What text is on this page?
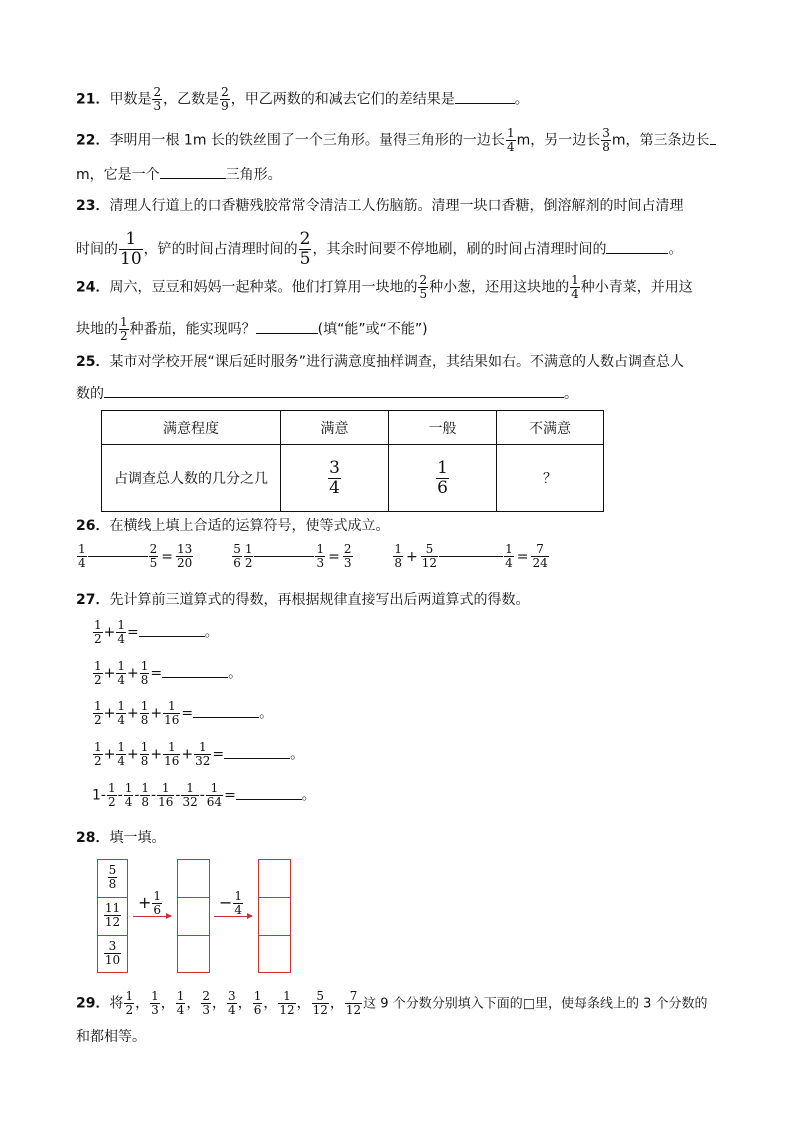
21．甲数是 $\frac{2}{3}$ ，乙数是 $\frac{2}{9}$ ，甲乙两数的和减去它们的差结果是	。
22．李明用一根 1m 长的铁丝围了一个三角形。量得三角形的一边长 $\frac{1}{4}$ m，另一边长 $\frac{3}{8}$ m，第三条边长
m，它是一个	三角形。
23．清理人行道上的口香糖残胶常常令清洁工人伤脑筋。清理一块口香糖，倒溶解剂的时间占清理
时间的 $\frac{1}{10}$ ，铲的时间占清理时间的 $\frac{2}{5}$ ，其余时间要不停地刷，刷的时间占清理时间的	。
24．周六，豆豆和妈妈一起种菜。他们打算用一块地的 $\frac{2}{5}$ 种小葱，还用这块地的 $\frac{1}{4}$ 种小青菜，并用这
块地的 $\frac{1}{2}$ 种番茄，能实现吗？	(填“能”或“不能”)
25．某市对学校开展“课后延时服务”进行满意度抽样调查，其结果如右。不满意的人数占调查总人
数的	。
满意程度	满意	一般	不满意
占调查总人数的几分之几	$\frac{3}{4}$	$\frac{1}{6}$	？
26．在横线上填上合适的运算符号，使等式成立。
$\frac{1}{4}$	$\frac{2}{5} = \frac{13}{20}$
	$\frac{5}{6} \frac{1}{2}$	$\frac{1}{3} = \frac{2}{3}$
	$\frac{1}{8} + \frac{5}{12}$	$\frac{1}{4} = \frac{7}{24}$
27．先计算前三道算式的得数，再根据规律直接写出后两道算式的得数。
$\frac{1}{2} + \frac{1}{4}$ =	。
$\frac{1}{2} + \frac{1}{4} + \frac{1}{8}$ =	。
$\frac{1}{2} + \frac{1}{4} + \frac{1}{8} + \frac{1}{16}$ =	。
$\frac{1}{2} + \frac{1}{4} + \frac{1}{8} + \frac{1}{16} + \frac{1}{32}$ =	。
$1- \frac{1}{2} - \frac{1}{4} - \frac{1}{8} - \frac{1}{16} - \frac{1}{32} - \frac{1}{64}$ =	。
28．填一填。
$\frac{5}{8}$
$\frac{11}{12}$
$\frac{3}{10}$
+ $\frac{1}{6}$	− $\frac{1}{4}$
29．将 $\frac{1}{2}$ ， $\frac{1}{3}$ ， $\frac{1}{4}$ ， $\frac{2}{3}$ ， $\frac{3}{4}$ ， $\frac{1}{6}$ ， $\frac{1}{12}$ ， $\frac{5}{12}$ ， $\frac{7}{12}$ 这 9 个分数分别填入下面的□里，使每条线上的 3 个分数的
和都相等。
